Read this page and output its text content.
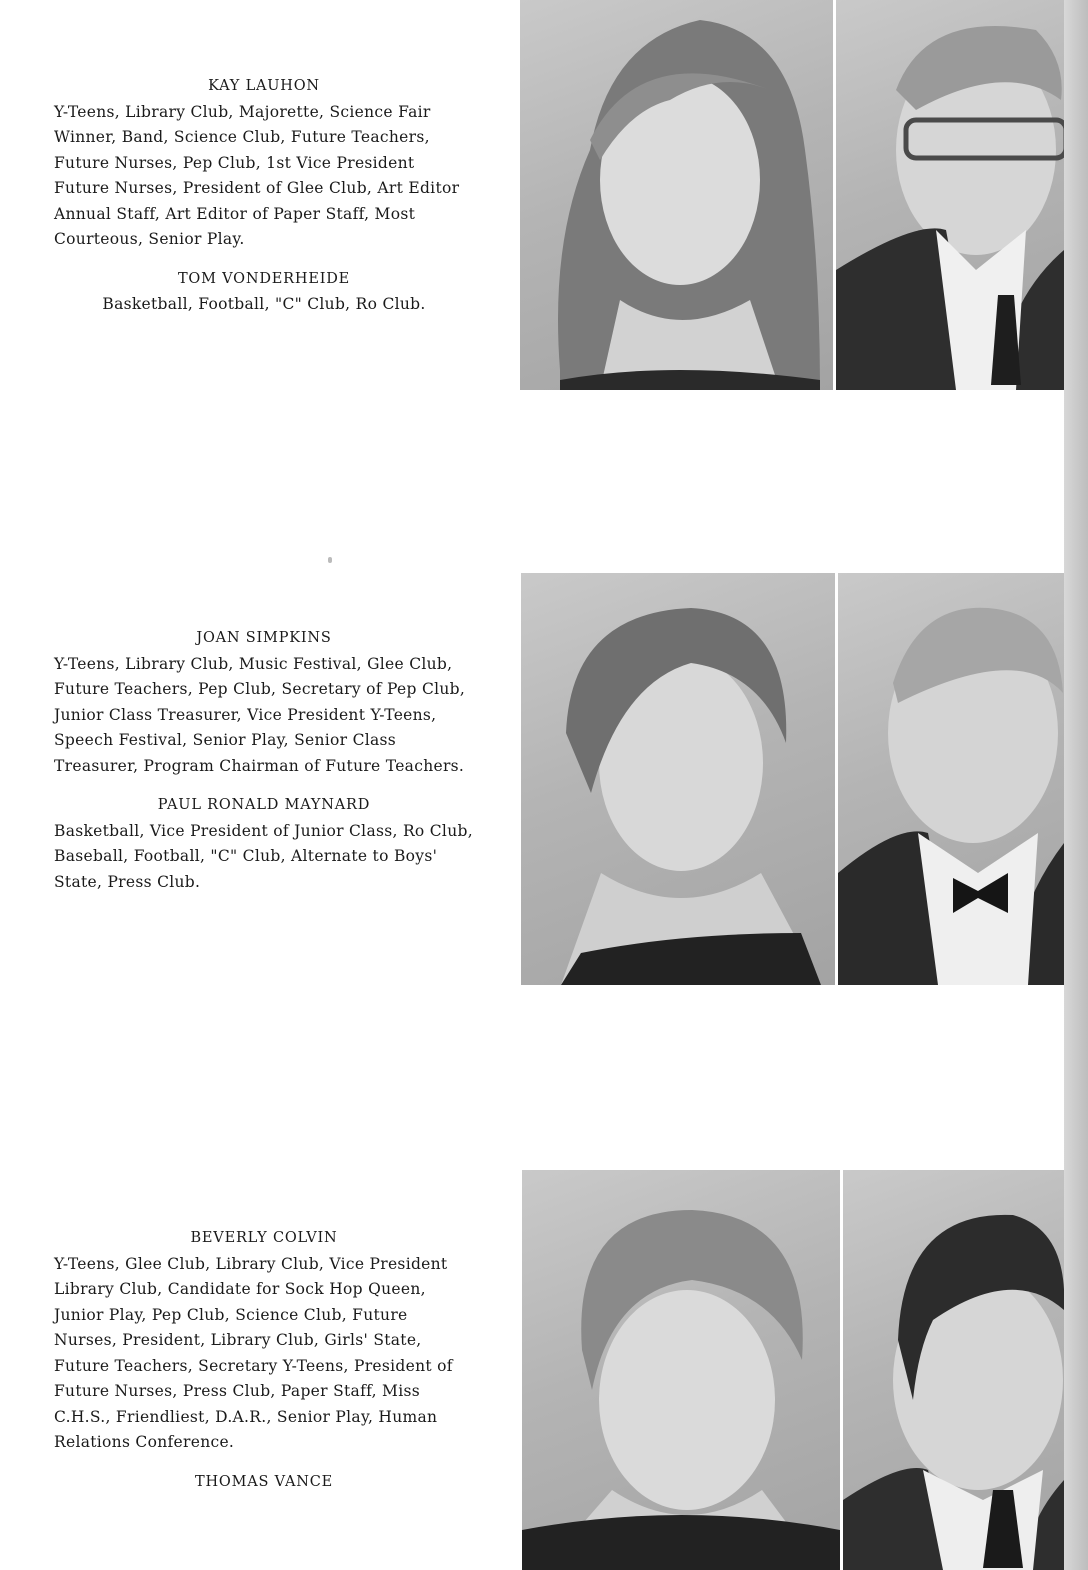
KAY LAUHON
Y-Teens, Library Club, Majorette, Science Fair Winner, Band, Science Club, Future Teachers, Future Nurses, Pep Club, 1st Vice President Future Nurses, President of Glee Club, Art Editor Annual Staff, Art Editor of Paper Staff, Most Courteous, Senior Play.
TOM VONDERHEIDE
Basketball, Football, "C" Club, Ro Club.
JOAN SIMPKINS
Y-Teens, Library Club, Music Festival, Glee Club, Future Teachers, Pep Club, Secretary of Pep Club, Junior Class Treasurer, Vice President Y-Teens, Speech Festival, Senior Play, Senior Class Treasurer, Program Chairman of Future Teachers.
PAUL RONALD MAYNARD
Basketball, Vice President of Junior Class, Ro Club, Baseball, Football, "C" Club, Alternate to Boys' State, Press Club.
BEVERLY COLVIN
Y-Teens, Glee Club, Library Club, Vice President Library Club, Candidate for Sock Hop Queen, Junior Play, Pep Club, Science Club, Future Nurses, President, Library Club, Girls' State, Future Teachers, Secretary Y-Teens, President of Future Nurses, Press Club, Paper Staff, Miss C.H.S., Friendliest, D.A.R., Senior Play, Human Relations Conference.
THOMAS VANCE
